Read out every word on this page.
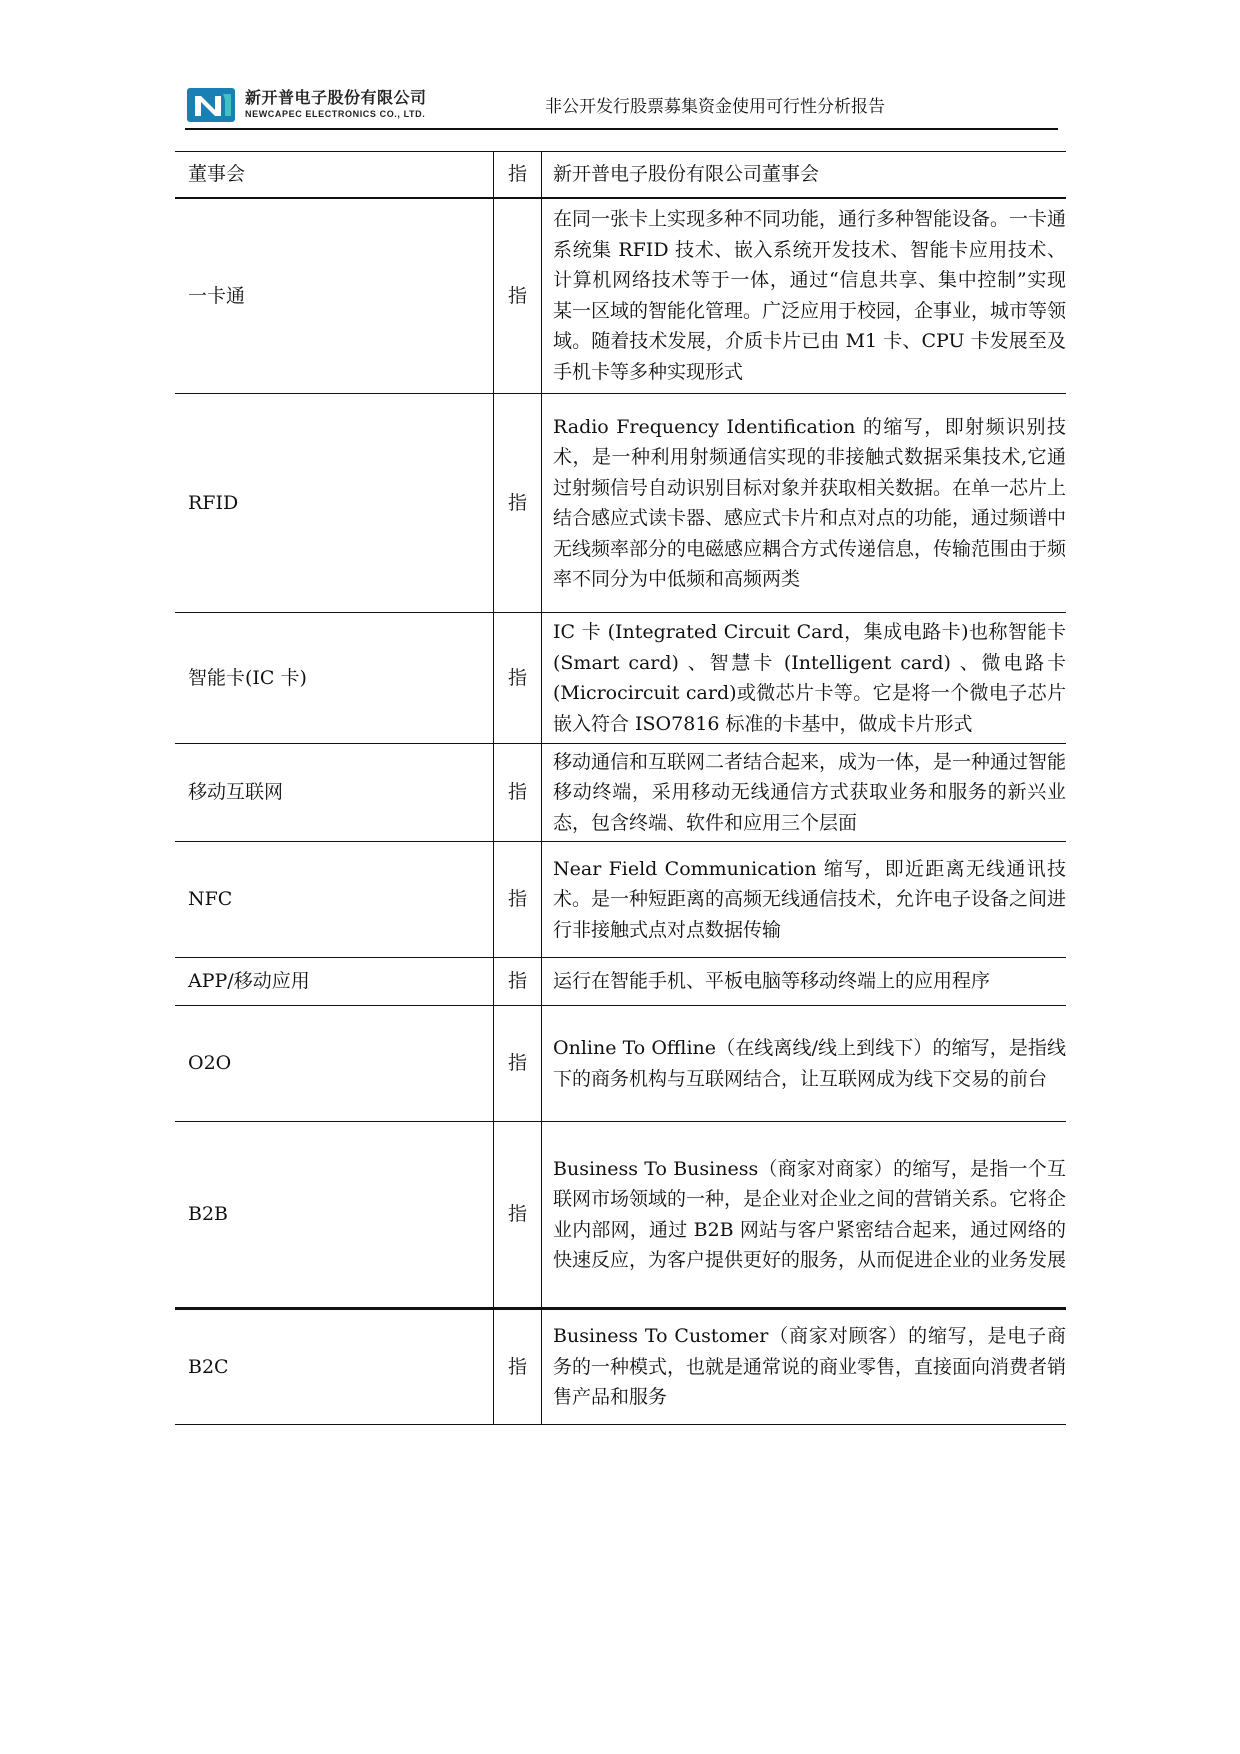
新开普电子股份有限公司
NEWCAPEC ELECTRONICS CO., LTD.	非公开发行股票募集资金使用可行性分析报告
董事会	指	新开普电子股份有限公司董事会
一卡通	指	在同一张卡上实现多种不同功能，通行多种智能设备。一卡通系统集 RFID 技术、嵌入系统开发技术、智能卡应用技术、计算机网络技术等于一体，通过“信息共享、集中控制”实现某一区域的智能化管理。广泛应用于校园，企事业，城市等领域。随着技术发展，介质卡片已由 M1 卡、CPU 卡发展至及手机卡等多种实现形式
RFID	指	Radio Frequency Identification 的缩写，即射频识别技术，是一种利用射频通信实现的非接触式数据采集技术,它通过射频信号自动识别目标对象并获取相关数据。在单一芯片上结合感应式读卡器、感应式卡片和点对点的功能，通过频谱中无线频率部分的电磁感应耦合方式传递信息，传输范围由于频率不同分为中低频和高频两类
智能卡(IC 卡)	指	IC 卡 (Integrated Circuit Card，集成电路卡)也称智能卡(Smart card) 、智慧卡 (Intelligent card) 、微电路卡(Microcircuit card)或微芯片卡等。它是将一个微电子芯片嵌入符合 ISO7816 标准的卡基中，做成卡片形式
移动互联网	指	移动通信和互联网二者结合起来，成为一体，是一种通过智能移动终端，采用移动无线通信方式获取业务和服务的新兴业态，包含终端、软件和应用三个层面
NFC	指	Near Field Communication 缩写，即近距离无线通讯技术。是一种短距离的高频无线通信技术，允许电子设备之间进行非接触式点对点数据传输
APP/移动应用	指	运行在智能手机、平板电脑等移动终端上的应用程序
O2O	指	Online To Offline（在线离线/线上到线下）的缩写，是指线下的商务机构与互联网结合，让互联网成为线下交易的前台
B2B	指	Business To Business（商家对商家）的缩写，是指一个互联网市场领域的一种，是企业对企业之间的营销关系。它将企业内部网，通过 B2B 网站与客户紧密结合起来，通过网络的快速反应，为客户提供更好的服务，从而促进企业的业务发展
B2C	指	Business To Customer（商家对顾客）的缩写，是电子商务的一种模式，也就是通常说的商业零售，直接面向消费者销售产品和服务
